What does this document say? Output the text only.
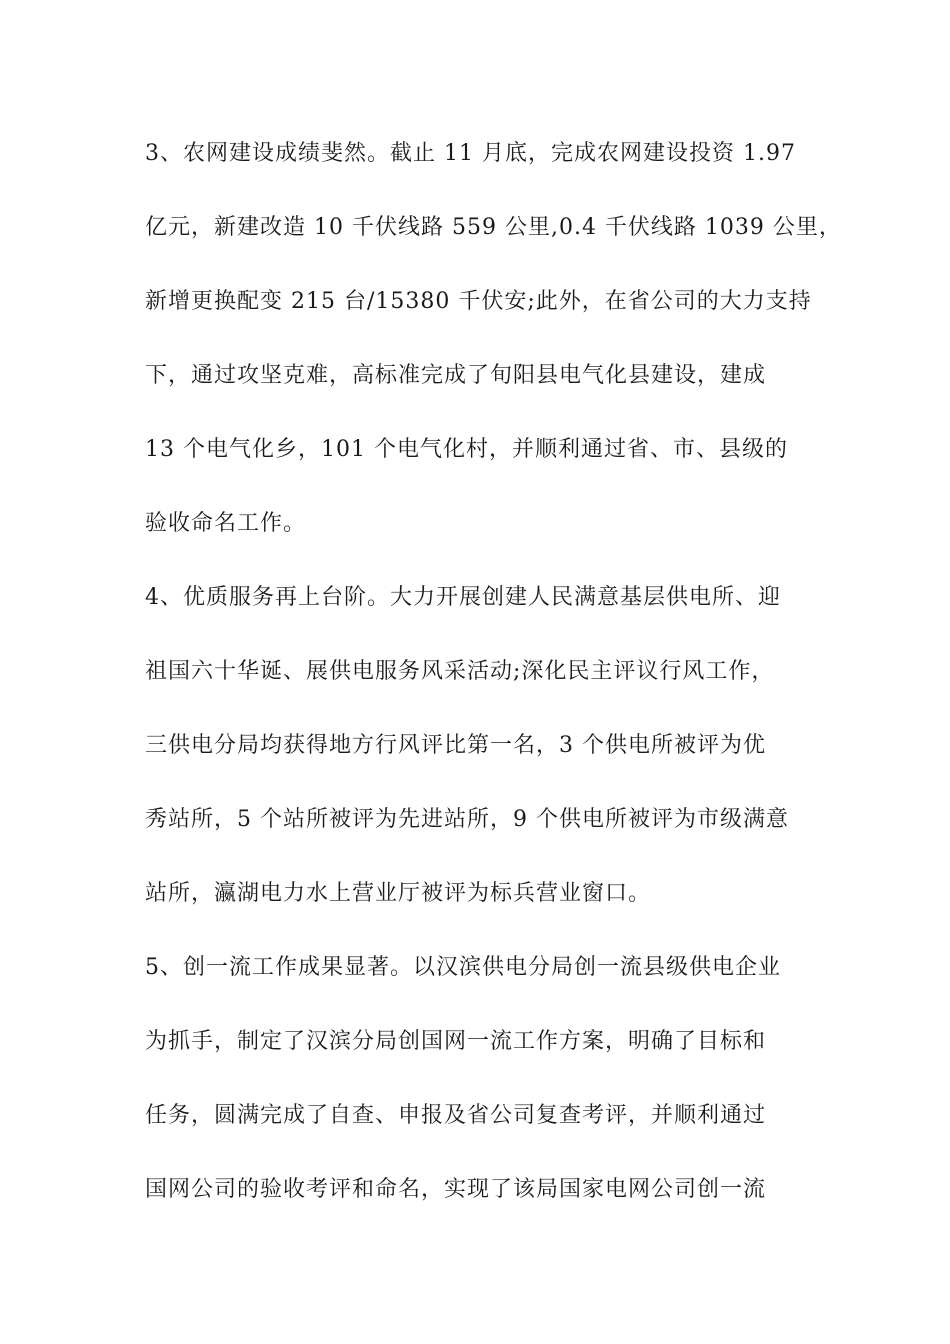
3、农网建设成绩斐然。截止 11 月底，完成农网建设投资 1.97
亿元，新建改造 10 千伏线路 559 公里,0.4 千伏线路 1039 公里，
新增更换配变 215 台/15380 千伏安;此外，在省公司的大力支持
下，通过攻坚克难，高标准完成了旬阳县电气化县建设，建成
13 个电气化乡，101 个电气化村，并顺利通过省、市、县级的
验收命名工作。
4、优质服务再上台阶。大力开展创建人民满意基层供电所、迎
祖国六十华诞、展供电服务风采活动;深化民主评议行风工作，
三供电分局均获得地方行风评比第一名，3 个供电所被评为优
秀站所，5 个站所被评为先进站所，9 个供电所被评为市级满意
站所，瀛湖电力水上营业厅被评为标兵营业窗口。
5、创一流工作成果显著。以汉滨供电分局创一流县级供电企业
为抓手，制定了汉滨分局创国网一流工作方案，明确了目标和
任务，圆满完成了自查、申报及省公司复查考评，并顺利通过
国网公司的验收考评和命名，实现了该局国家电网公司创一流
